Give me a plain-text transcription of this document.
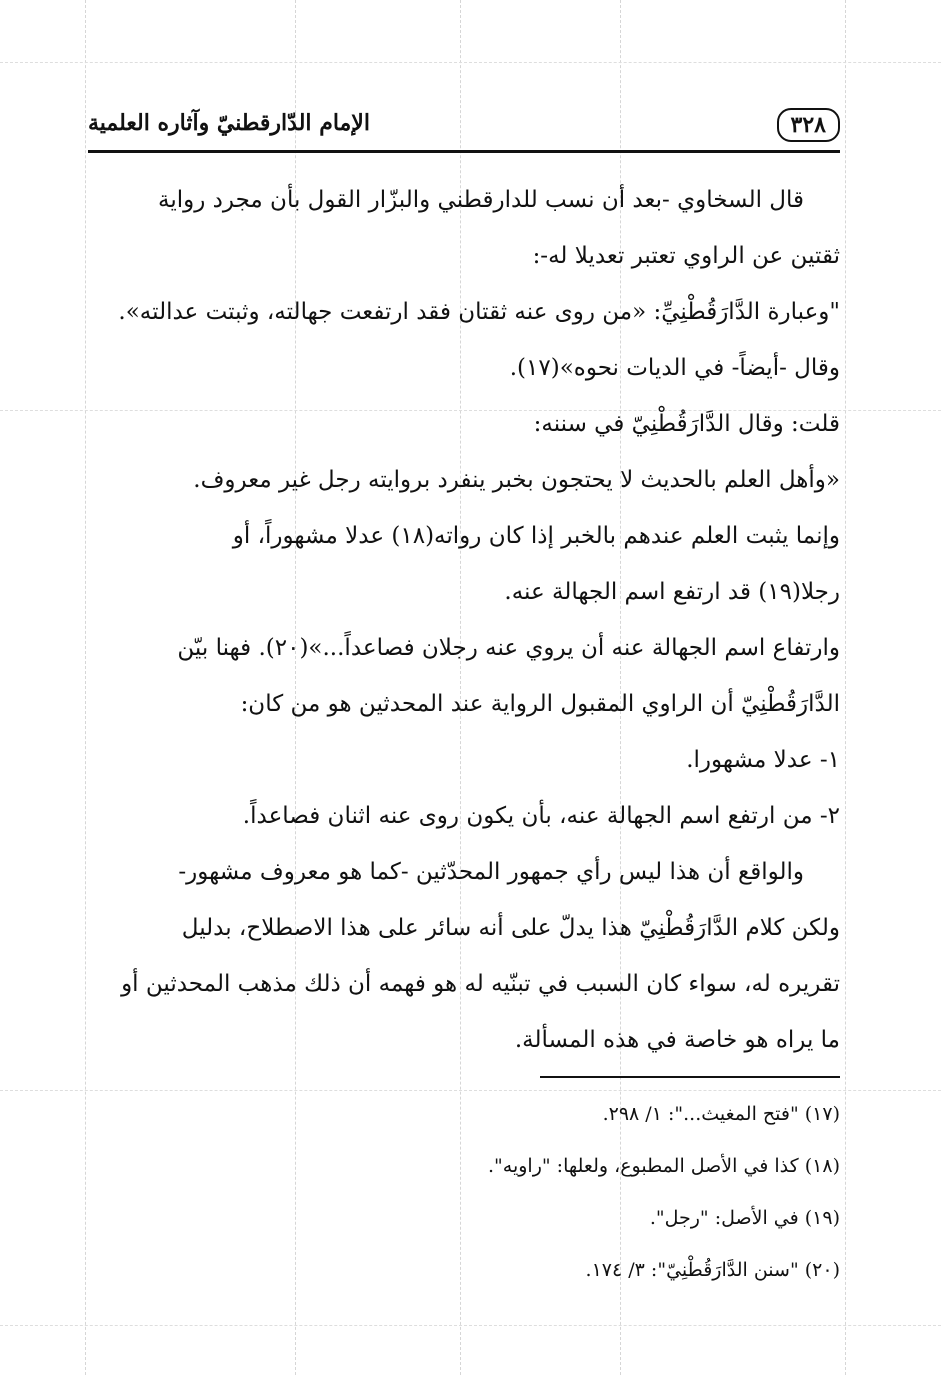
٣٢٨
الإمام الدّارقطنيّ وآثاره العلمية
قال السخاوي -بعد أن نسب للدارقطني والبزّار القول بأن مجرد رواية
ثقتين عن الراوي تعتبر تعديلا له-:
"وعبارة الدَّارَقُطْنِيِّ: «من روى عنه ثقتان فقد ارتفعت جهالته، وثبتت عدالته».
وقال -أيضاً- في الديات نحوه»(١٧).
قلت: وقال الدَّارَقُطْنِيّ في سننه:
«وأهل العلم بالحديث لا يحتجون بخبر ينفرد بروايته رجل غير معروف.
وإنما يثبت العلم عندهم بالخبر إذا كان رواته(١٨) عدلا مشهوراً، أو
رجلا(١٩) قد ارتفع اسم الجهالة عنه.
وارتفاع اسم الجهالة عنه أن يروي عنه رجلان فصاعداً...»(٢٠). فهنا بيّن
الدَّارَقُطْنِيّ أن الراوي المقبول الرواية عند المحدثين هو من كان:
١- عدلا مشهورا.
٢- من ارتفع اسم الجهالة عنه، بأن يكون روى عنه اثنان فصاعداً.
والواقع أن هذا ليس رأي جمهور المحدّثين -كما هو معروف مشهور-
ولكن كلام الدَّارَقُطْنِيّ هذا يدلّ على أنه سائر على هذا الاصطلاح، بدليل
تقريره له، سواء كان السبب في تبنّيه له هو فهمه أن ذلك مذهب المحدثين أو
ما يراه هو خاصة في هذه المسألة.
(١٧) "فتح المغيث...": ١/ ٢٩٨.
(١٨) كذا في الأصل المطبوع، ولعلها: "راويه".
(١٩) في الأصل: "رجل".
(٢٠) "سنن الدَّارَقُطْنِيّ": ٣/ ١٧٤.
